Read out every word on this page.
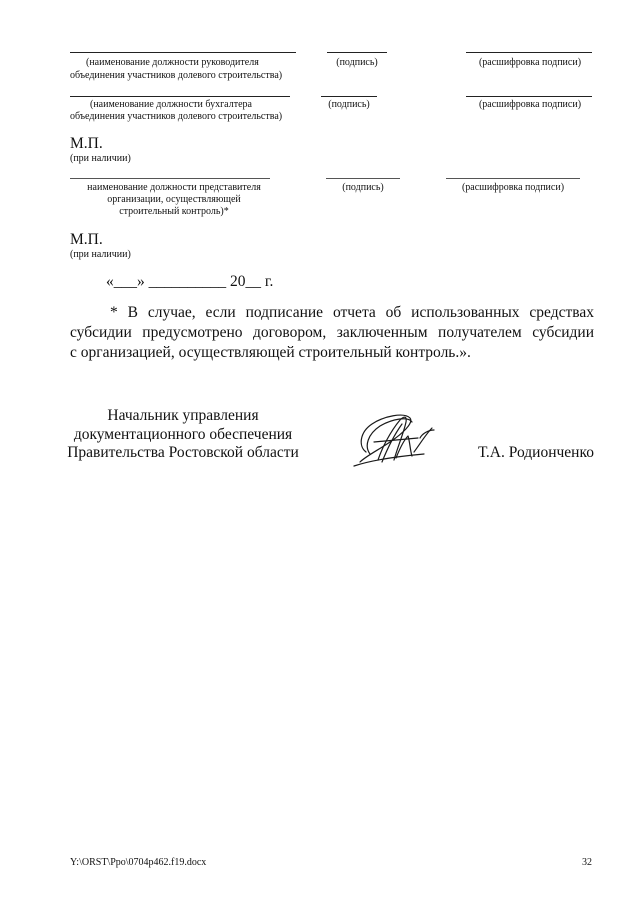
(наименование должности руководителя
объединения участников долевого строительства)
(подпись)	(расшифровка подписи)
(наименование должности бухгалтера
объединения участников долевого строительства)
(подпись)	(расшифровка подписи)
М.П.
(при наличии)
наименование должности представителя
организации, осуществляющей
строительный контроль)*
(подпись)	(расшифровка подписи)
М.П.
(при наличии)
«___» __________ 20__ г.
* В случае, если подписание отчета об использованных средствах
субсидии предусмотрено договором, заключенным получателем субсидии
с организацией, осуществляющей строительный контроль.».
Начальник управления
документационного обеспечения
Правительства Ростовской области	Т.А. Родионченко
Y:\ORST\Ppo\0704p462.f19.docx	32
